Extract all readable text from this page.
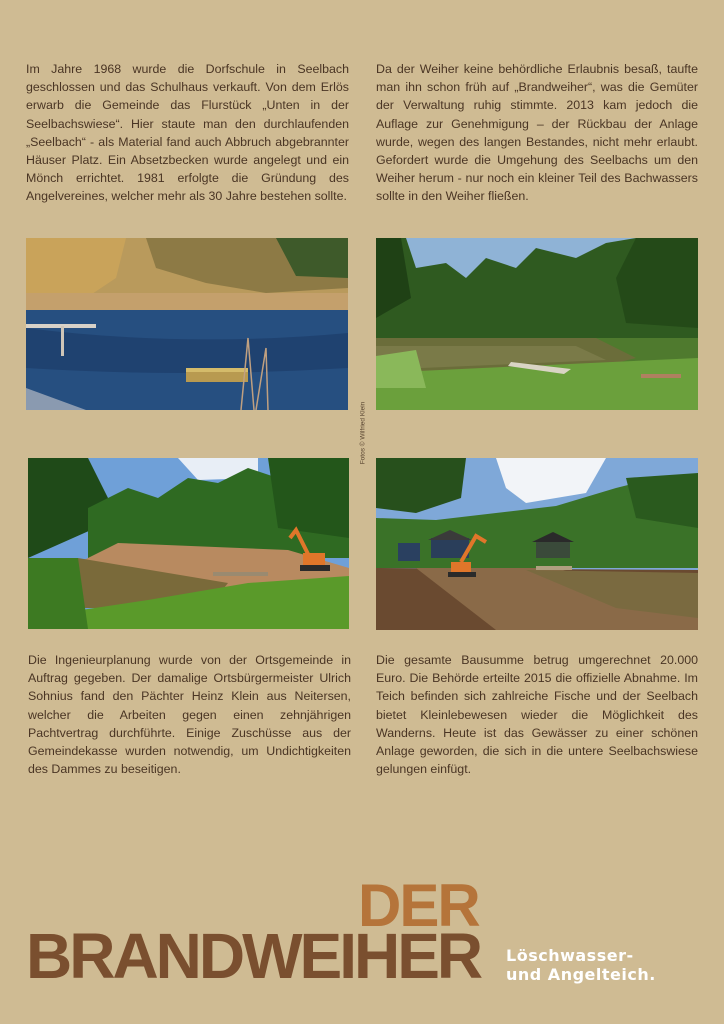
Im Jahre 1968 wurde die Dorfschule in Seelbach geschlossen und das Schulhaus verkauft. Von dem Erlös erwarb die Gemeinde das Flurstück „Unten in der Seelbachswiese“. Hier staute man den durchlaufenden „Seelbach“ - als Material fand auch Abbruch abgebrannter Häuser Platz. Ein Absetzbecken wurde angelegt und ein Mönch errichtet. 1981 erfolgte die Gründung des Angelvereines, welcher mehr als 30 Jahre bestehen sollte.

Da der Weiher keine behördliche Erlaubnis besaß, taufte man ihn schon früh auf „Brandweiher“, was die Gemüter der Verwaltung ruhig stimmte. 2013 kam jedoch die Auflage zur Genehmigung – der Rückbau der Anlage wurde, wegen des langen Bestandes, nicht mehr erlaubt. Gefordert wurde die Umgehung des Seelbachs um den Weiher herum - nur noch ein kleiner Teil des Bachwassers sollte in den Weiher fließen.

Fotos © Wilfried Klein

Die Ingenieurplanung wurde von der Ortsgemeinde in Auftrag gegeben. Der damalige Ortsbürgermeister Ulrich Sohnius fand den Pächter Heinz Klein aus Neitersen, welcher die Arbeiten gegen einen zehnjährigen Pachtvertrag durchführte. Einige Zuschüsse aus der Gemeindekasse wurden notwendig, um Undichtigkeiten des Dammes zu beseitigen.

Die gesamte Bausumme betrug umgerechnet 20.000 Euro. Die Behörde erteilte 2015 die offizielle Abnahme. Im Teich befinden sich zahlreiche Fische und der Seelbach bietet Kleinlebewesen wieder die Möglichkeit des Wanderns. Heute ist das Gewässer zu einer schönen Anlage geworden, die sich in die untere Seelbachswiese gelungen einfügt.

DER
BRANDWEIHER Löschwasser-
und Angelteich.
